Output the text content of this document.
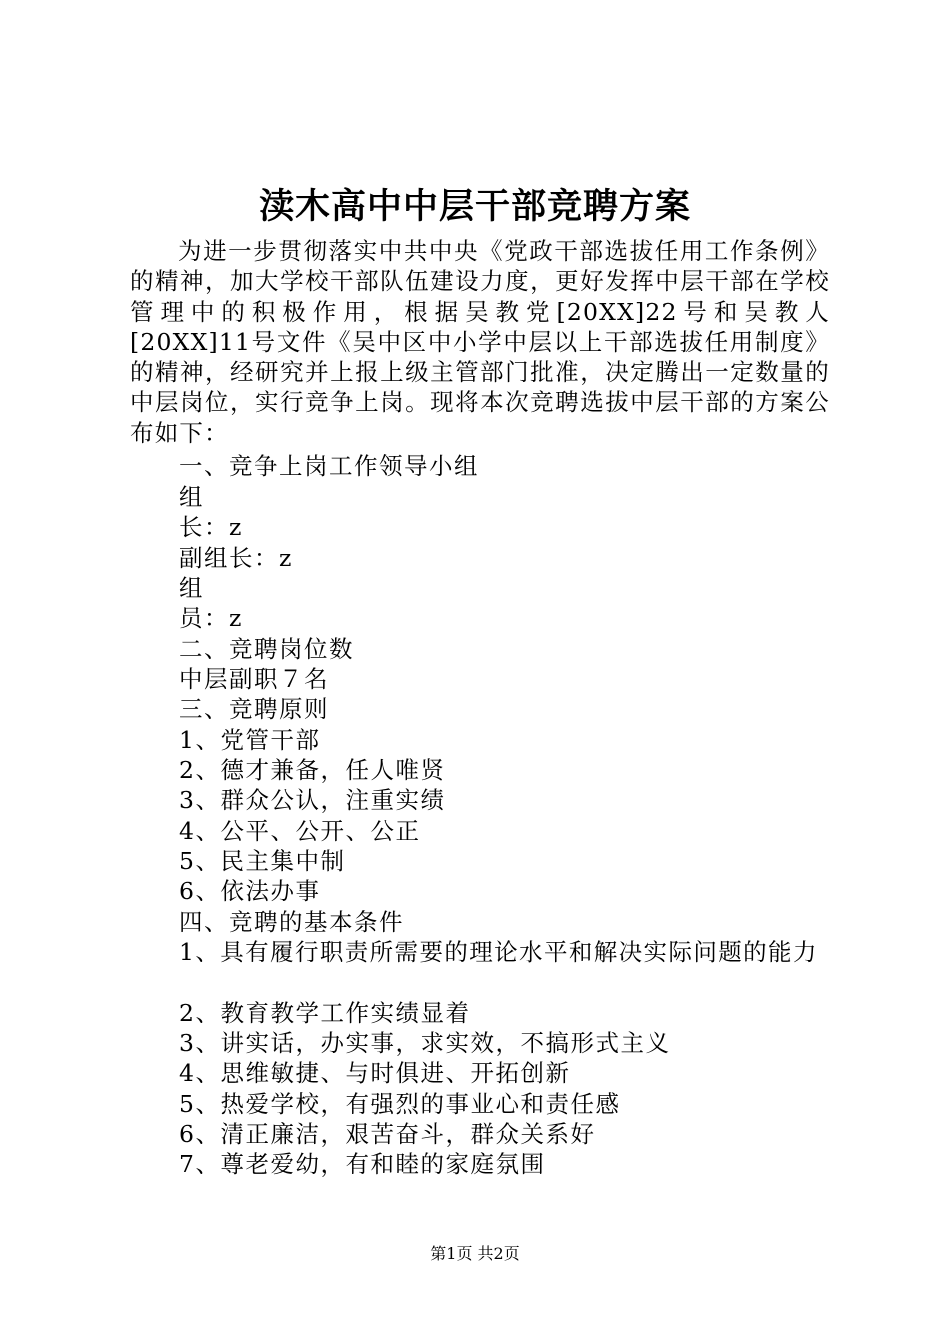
渎木高中中层干部竞聘方案

为进一步贯彻落实中共中央《党政干部选拔任用工作条例》的精神，加大学校干部队伍建设力度，更好发挥中层干部在学校管理中的积极作用，根据吴教党[20XX]22号和吴教人[20XX]11号文件《吴中区中小学中层以上干部选拔任用制度》的精神，经研究并上报上级主管部门批准，决定腾出一定数量的中层岗位，实行竞争上岗。现将本次竞聘选拔中层干部的方案公布如下：

一、竞争上岗工作领导小组
组
长：z
副组长：z
组
员：z
二、竞聘岗位数
中层副职７名
三、竞聘原则
1、党管干部
2、德才兼备，任人唯贤
3、群众公认，注重实绩
4、公平、公开、公正
5、民主集中制
6、依法办事
四、竞聘的基本条件
1、具有履行职责所需要的理论水平和解决实际问题的能力
2、教育教学工作实绩显着
3、讲实话，办实事，求实效，不搞形式主义
4、思维敏捷、与时俱进、开拓创新
5、热爱学校，有强烈的事业心和责任感
6、清正廉洁，艰苦奋斗，群众关系好
7、尊老爱幼，有和睦的家庭氛围
第1页 共2页
